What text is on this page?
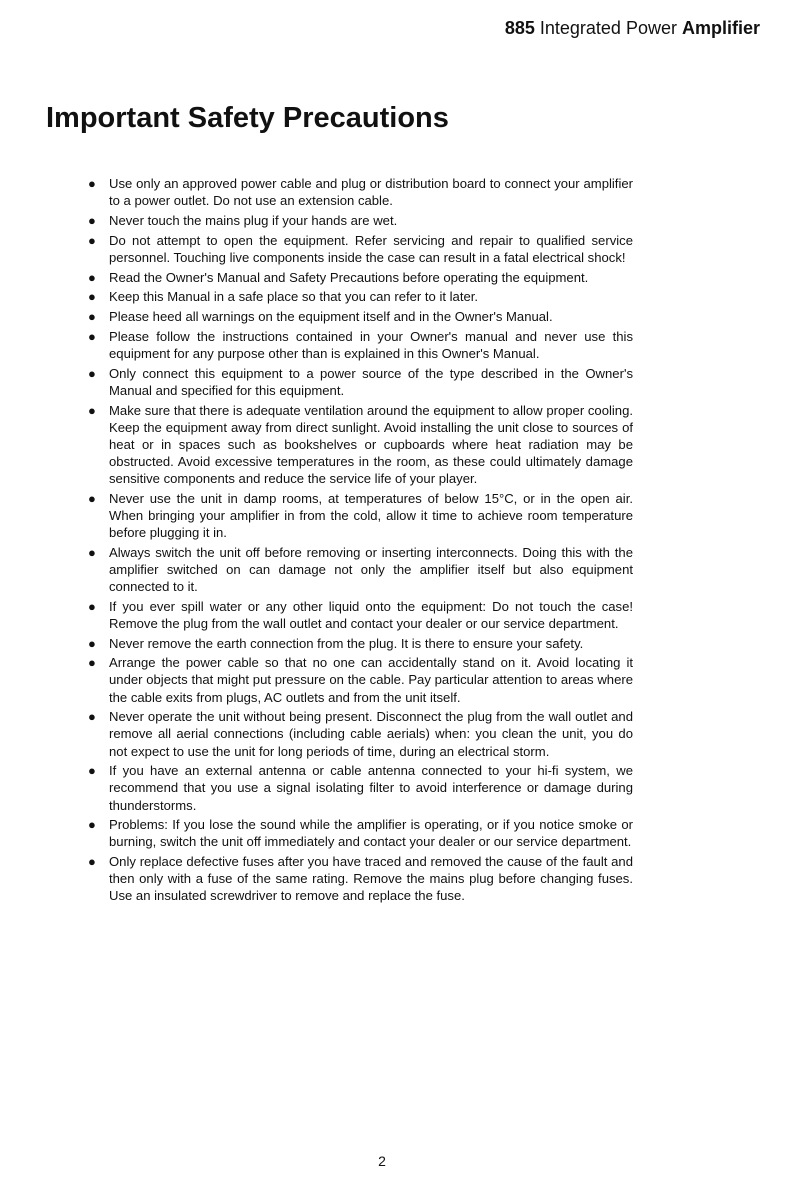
885 Integrated Power Amplifier
Important Safety Precautions
● Use only an approved power cable and plug or distribution board to connect your amplifier to a power outlet. Do not use an extension cable.
● Never touch the mains plug if your hands are wet.
● Do not attempt to open the equipment. Refer servicing and repair to qualified service personnel. Touching live components inside the case can result in a fatal electrical shock!
● Read the Owner's Manual and Safety Precautions before operating the equipment.
● Keep this Manual in a safe place so that you can refer to it later.
● Please heed all warnings on the equipment itself and in the Owner's Manual.
● Please follow the instructions contained in your Owner's manual and never use this equipment for any purpose other than is explained in this Owner's Manual.
● Only connect this equipment to a power source of the type described in the Owner's Manual and specified for this equipment.
● Make sure that there is adequate ventilation around the equipment to allow proper cooling. Keep the equipment away from direct sunlight. Avoid installing the unit close to sources of heat or in spaces such as bookshelves or cupboards where heat radiation may be obstructed. Avoid excessive temperatures in the room, as these could ultimately damage sensitive components and reduce the service life of your player.
● Never use the unit in damp rooms, at temperatures of below 15°C, or in the open air. When bringing your amplifier in from the cold, allow it time to achieve room temperature before plugging it in.
● Always switch the unit off before removing or inserting interconnects. Doing this with the amplifier switched on can damage not only the amplifier itself but also equipment connected to it.
● If you ever spill water or any other liquid onto the equipment: Do not touch the case! Remove the plug from the wall outlet and contact your dealer or our service department.
● Never remove the earth connection from the plug. It is there to ensure your safety.
● Arrange the power cable so that no one can accidentally stand on it. Avoid locating it under objects that might put pressure on the cable. Pay particular attention to areas where the cable exits from plugs, AC outlets and from the unit itself.
● Never operate the unit without being present. Disconnect the plug from the wall outlet and remove all aerial connections (including cable aerials) when: you clean the unit, you do not expect to use the unit for long periods of time, during an electrical storm.
● If you have an external antenna or cable antenna connected to your hi-fi system, we recommend that you use a signal isolating filter to avoid interference or damage during thunderstorms.
● Problems: If you lose the sound while the amplifier is operating, or if you notice smoke or burning, switch the unit off immediately and contact your dealer or our service department.
● Only replace defective fuses after you have traced and removed the cause of the fault and then only with a fuse of the same rating. Remove the mains plug before changing fuses. Use an insulated screwdriver to remove and replace the fuse.
2
